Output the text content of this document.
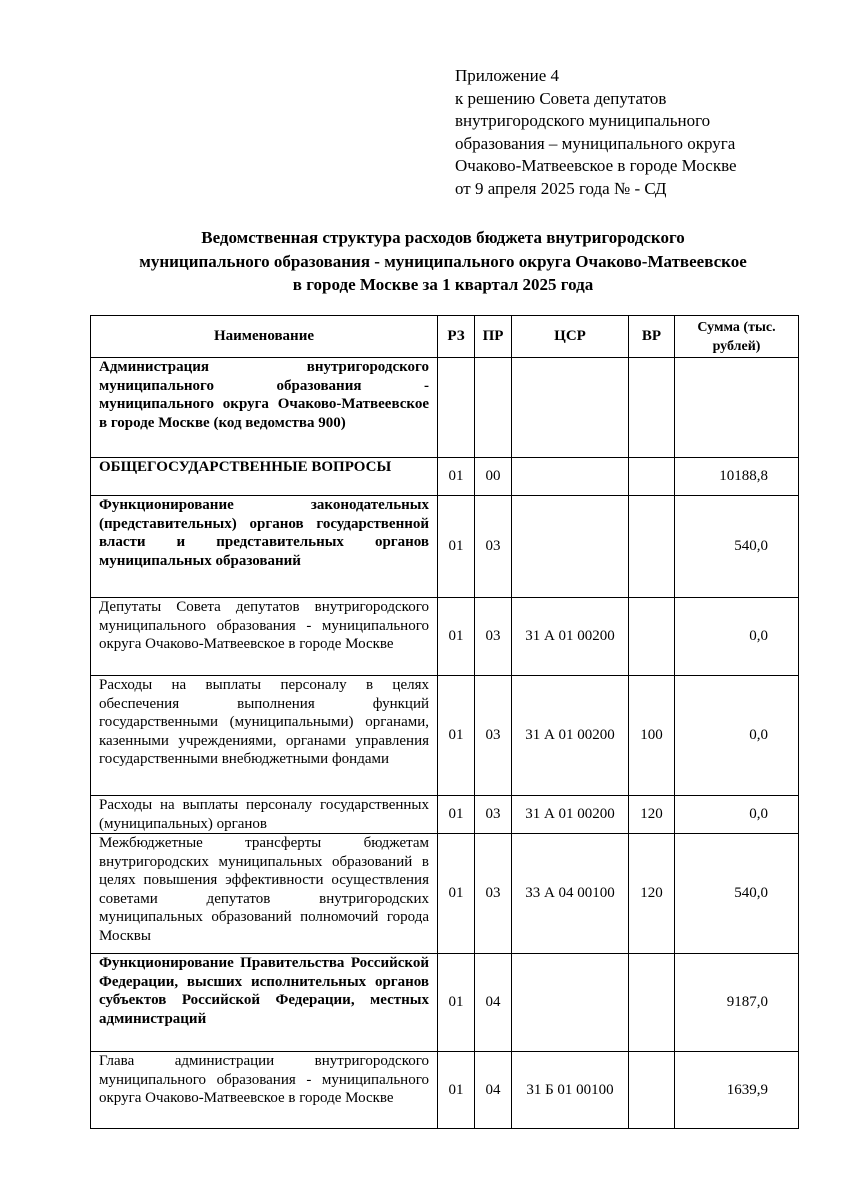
Приложение 4
к решению Совета депутатов
внутригородского муниципального
образования – муниципального округа
Очаково-Матвеевское в городе Москве
от 9 апреля 2025 года № - СД
Ведомственная структура расходов бюджета внутригородского
муниципального образования - муниципального округа Очаково-Матвеевское
в городе Москве за 1 квартал 2025 года
Наименование	РЗ	ПР	ЦСР	ВР	Сумма (тыс. рублей)
Администрация внутригородского муниципального образования - муниципального округа Очаково-Матвеевское в городе Москве (код ведомства 900)					
ОБЩЕГОСУДАРСТВЕННЫЕ ВОПРОСЫ	01	00			10188,8
Функционирование законодательных (представительных) органов государственной власти и представительных органов муниципальных образований	01	03			540,0
Депутаты Совета депутатов внутригородского муниципального образования - муниципального округа Очаково-Матвеевское в городе Москве	01	03	31 А 01 00200		0,0
Расходы на выплаты персоналу в целях обеспечения выполнения функций государственными (муниципальными) органами, казенными учреждениями, органами управления государственными внебюджетными фондами	01	03	31 А 01 00200	100	0,0
Расходы на выплаты персоналу государственных (муниципальных) органов	01	03	31 А 01 00200	120	0,0
Межбюджетные трансферты бюджетам внутригородских муниципальных образований в целях повышения эффективности осуществления советами депутатов внутригородских муниципальных образований полномочий города Москвы	01	03	33 А 04 00100	120	540,0
Функционирование Правительства Российской Федерации, высших исполнительных органов субъектов Российской Федерации, местных администраций	01	04			9187,0
Глава администрации внутригородского муниципального образования - муниципального округа Очаково-Матвеевское в городе Москве	01	04	31 Б 01 00100		1639,9
